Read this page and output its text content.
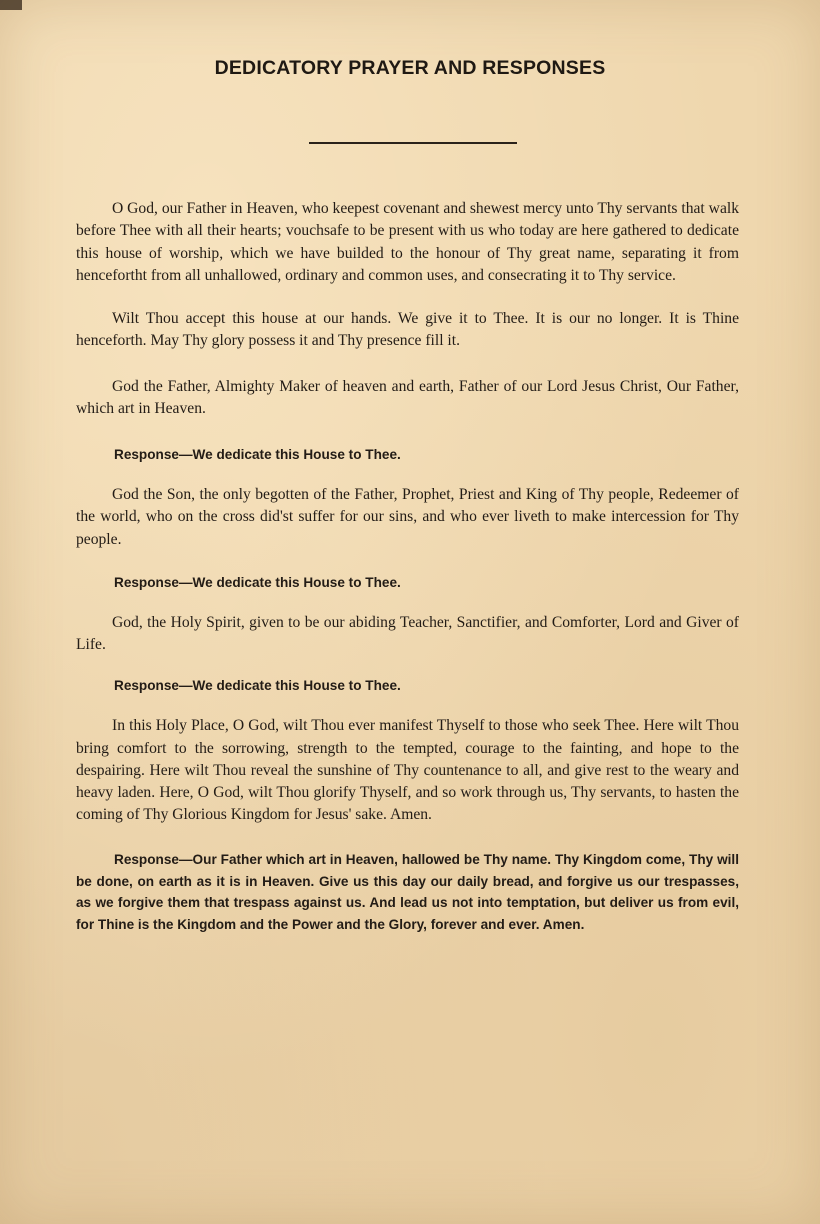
DEDICATORY PRAYER AND RESPONSES

O God, our Father in Heaven, who keepest covenant and shewest mercy unto Thy servants that walk before Thee with all their hearts; vouchsafe to be present with us who today are here gathered to dedicate this house of worship, which we have builded to the honour of Thy great name, separating it from hencefortht from all unhallowed, ordinary and common uses, and consecrating it to Thy service.

Wilt Thou accept this house at our hands. We give it to Thee. It is our no longer. It is Thine henceforth. May Thy glory possess it and Thy presence fill it.

God the Father, Almighty Maker of heaven and earth, Father of our Lord Jesus Christ, Our Father, which art in Heaven.

Response—We dedicate this House to Thee.

God the Son, the only begotten of the Father, Prophet, Priest and King of Thy people, Redeemer of the world, who on the cross did'st suffer for our sins, and who ever liveth to make intercession for Thy people.

Response—We dedicate this House to Thee.

God, the Holy Spirit, given to be our abiding Teacher, Sanctifier, and Comforter, Lord and Giver of Life.

Response—We dedicate this House to Thee.

In this Holy Place, O God, wilt Thou ever manifest Thyself to those who seek Thee. Here wilt Thou bring comfort to the sorrowing, strength to the tempted, courage to the fainting, and hope to the despairing. Here wilt Thou reveal the sunshine of Thy countenance to all, and give rest to the weary and heavy laden. Here, O God, wilt Thou glorify Thyself, and so work through us, Thy servants, to hasten the coming of Thy Glorious Kingdom for Jesus' sake. Amen.

Response—Our Father which art in Heaven, hallowed be Thy name. Thy Kingdom come, Thy will be done, on earth as it is in Heaven. Give us this day our daily bread, and forgive us our trespasses, as we forgive them that trespass against us. And lead us not into temptation, but deliver us from evil, for Thine is the Kingdom and the Power and the Glory, forever and ever. Amen.
